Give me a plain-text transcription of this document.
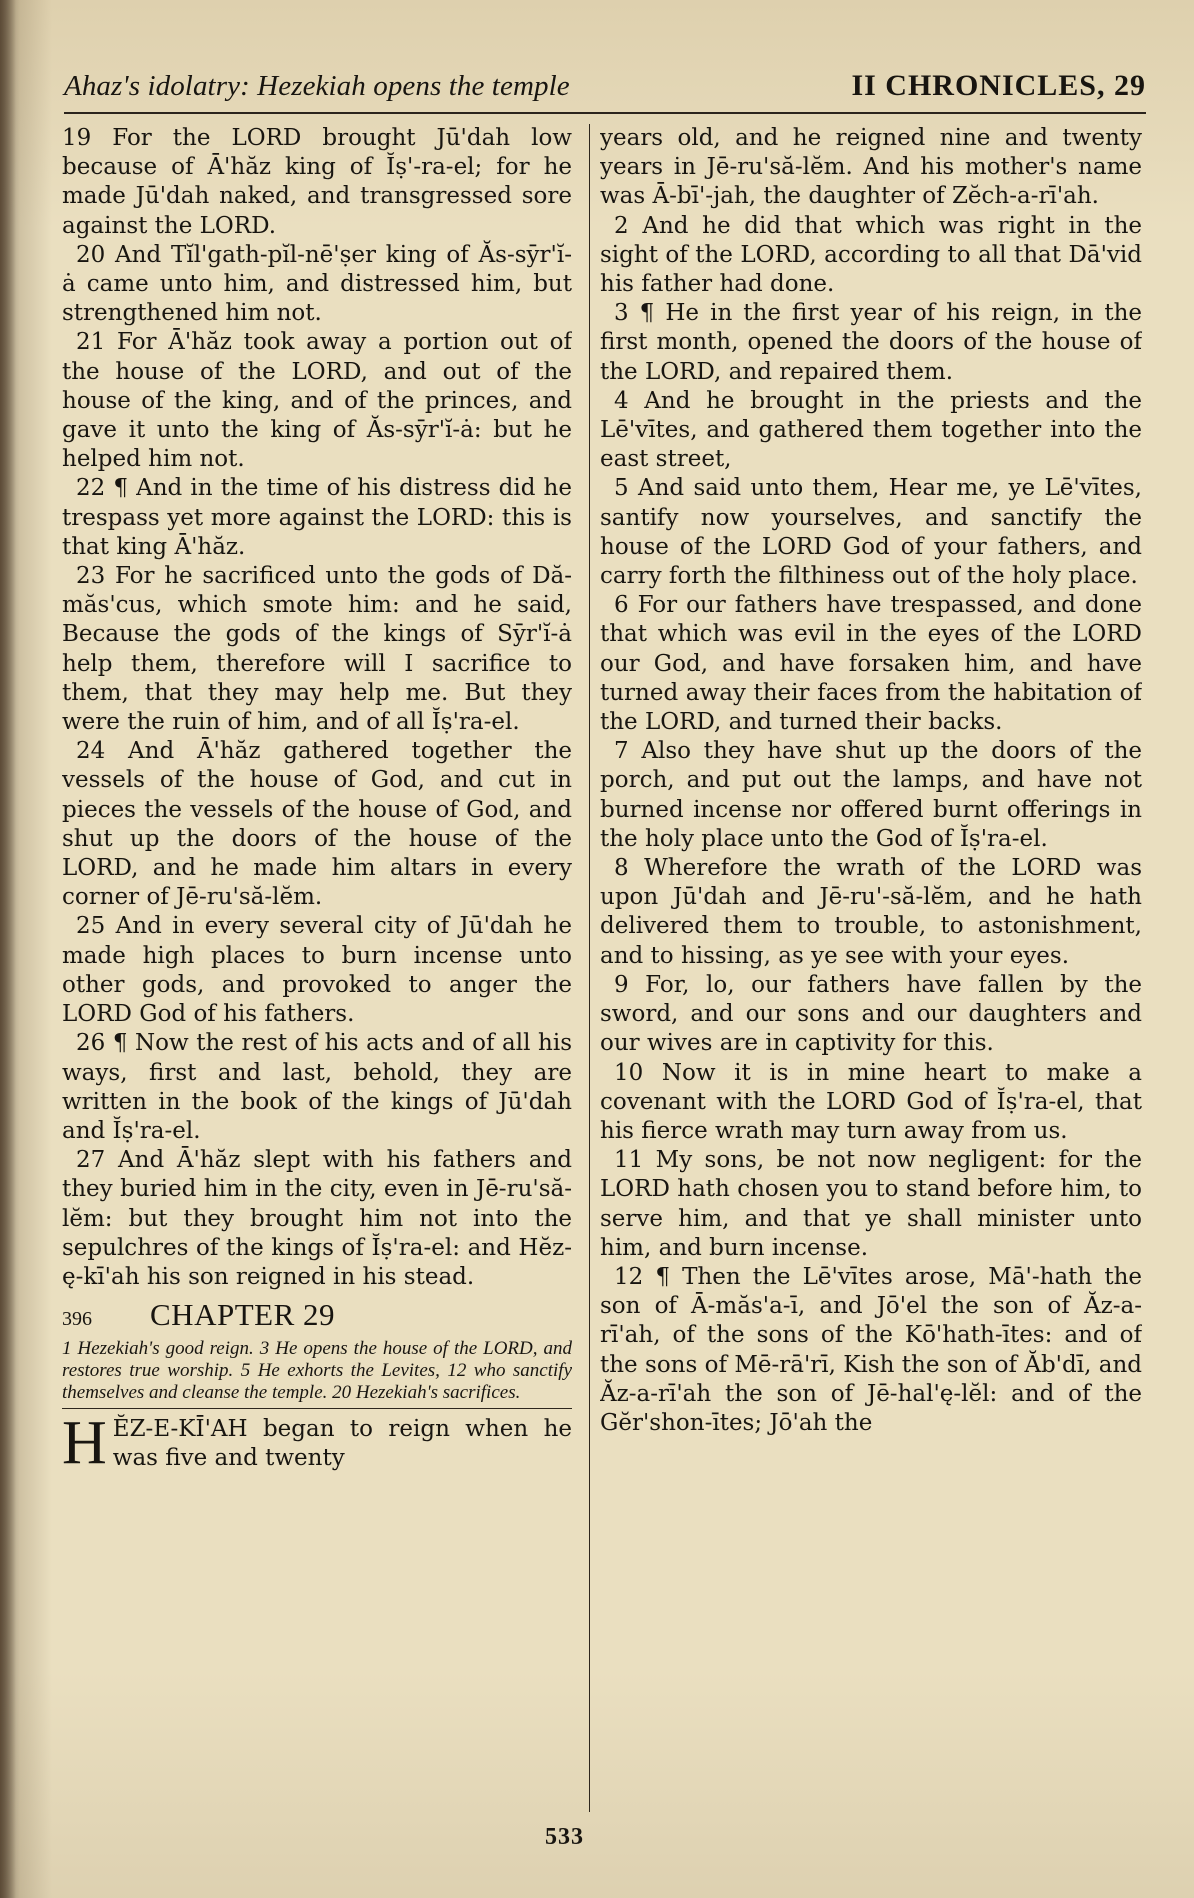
Ahaz's idolatry: Hezekiah opens the temple	II CHRONICLES, 29

19 For the LORD brought Jū'dah low because of Ā'hăz king of Ĭṣ'-ra-el; for he made Jū'dah naked, and transgressed sore against the LORD.

20 And Tĭl'gath-pĭl-nē'ṣer king of Ăs-sȳr'ĭ-ȧ came unto him, and distressed him, but strengthened him not.

21 For Ā'hăz took away a portion out of the house of the LORD, and out of the house of the king, and of the princes, and gave it unto the king of Ăs-sȳr'ĭ-ȧ: but he helped him not.

22 ¶ And in the time of his distress did he trespass yet more against the LORD: this is that king Ā'hăz.

23 For he sacrificed unto the gods of Dă-măs'cus, which smote him: and he said, Because the gods of the kings of Sȳr'ĭ-ȧ help them, therefore will I sacrifice to them, that they may help me. But they were the ruin of him, and of all Ĭṣ'ra-el.

24 And Ā'hăz gathered together the vessels of the house of God, and cut in pieces the vessels of the house of God, and shut up the doors of the house of the LORD, and he made him altars in every corner of Jē-ru'să-lĕm.

25 And in every several city of Jū'dah he made high places to burn incense unto other gods, and provoked to anger the LORD God of his fathers.

26 ¶ Now the rest of his acts and of all his ways, first and last, behold, they are written in the book of the kings of Jū'dah and Ĭṣ'ra-el.

27 And Ā'hăz slept with his fathers and they buried him in the city, even in Jē-ru'să-lĕm: but they brought him not into the sepulchres of the kings of Ĭṣ'ra-el: and Hĕz-ę-kī'ah his son reigned in his stead.

396	CHAPTER 29

1 Hezekiah's good reign. 3 He opens the house of the LORD, and restores true worship. 5 He exhorts the Levites, 12 who sanctify themselves and cleanse the temple. 20 Hezekiah's sacrifices.

H ĔZ-E-KĪ'AH began to reign when he was five and twenty

years old, and he reigned nine and twenty years in Jē-ru'să-lĕm. And his mother's name was Ā-bī'-jah, the daughter of Zĕch-a-rī'ah.

2 And he did that which was right in the sight of the LORD, according to all that Dā'vid his father had done.

3 ¶ He in the first year of his reign, in the first month, opened the doors of the house of the LORD, and repaired them.

4 And he brought in the priests and the Lē'vītes, and gathered them together into the east street,

5 And said unto them, Hear me, ye Lē'vītes, santify now yourselves, and sanctify the house of the LORD God of your fathers, and carry forth the filthiness out of the holy place.

6 For our fathers have trespassed, and done that which was evil in the eyes of the LORD our God, and have forsaken him, and have turned away their faces from the habitation of the LORD, and turned their backs.

7 Also they have shut up the doors of the porch, and put out the lamps, and have not burned incense nor offered burnt offerings in the holy place unto the God of Ĭṣ'ra-el.

8 Wherefore the wrath of the LORD was upon Jū'dah and Jē-ru'-să-lĕm, and he hath delivered them to trouble, to astonishment, and to hissing, as ye see with your eyes.

9 For, lo, our fathers have fallen by the sword, and our sons and our daughters and our wives are in captivity for this.

10 Now it is in mine heart to make a covenant with the LORD God of Ĭṣ'ra-el, that his fierce wrath may turn away from us.

11 My sons, be not now negligent: for the LORD hath chosen you to stand before him, to serve him, and that ye shall minister unto him, and burn incense.

12 ¶ Then the Lē'vītes arose, Mā'-hath the son of Ā-măs'a-ī, and Jō'el the son of Ăz-a-rī'ah, of the sons of the Kō'hath-ītes: and of the sons of Mē-rā'rī, Kish the son of Ăb'dī, and Ăz-a-rī'ah the son of Jē-hal'ę-lĕl: and of the Gĕr'shon-ītes; Jō'ah the

533
